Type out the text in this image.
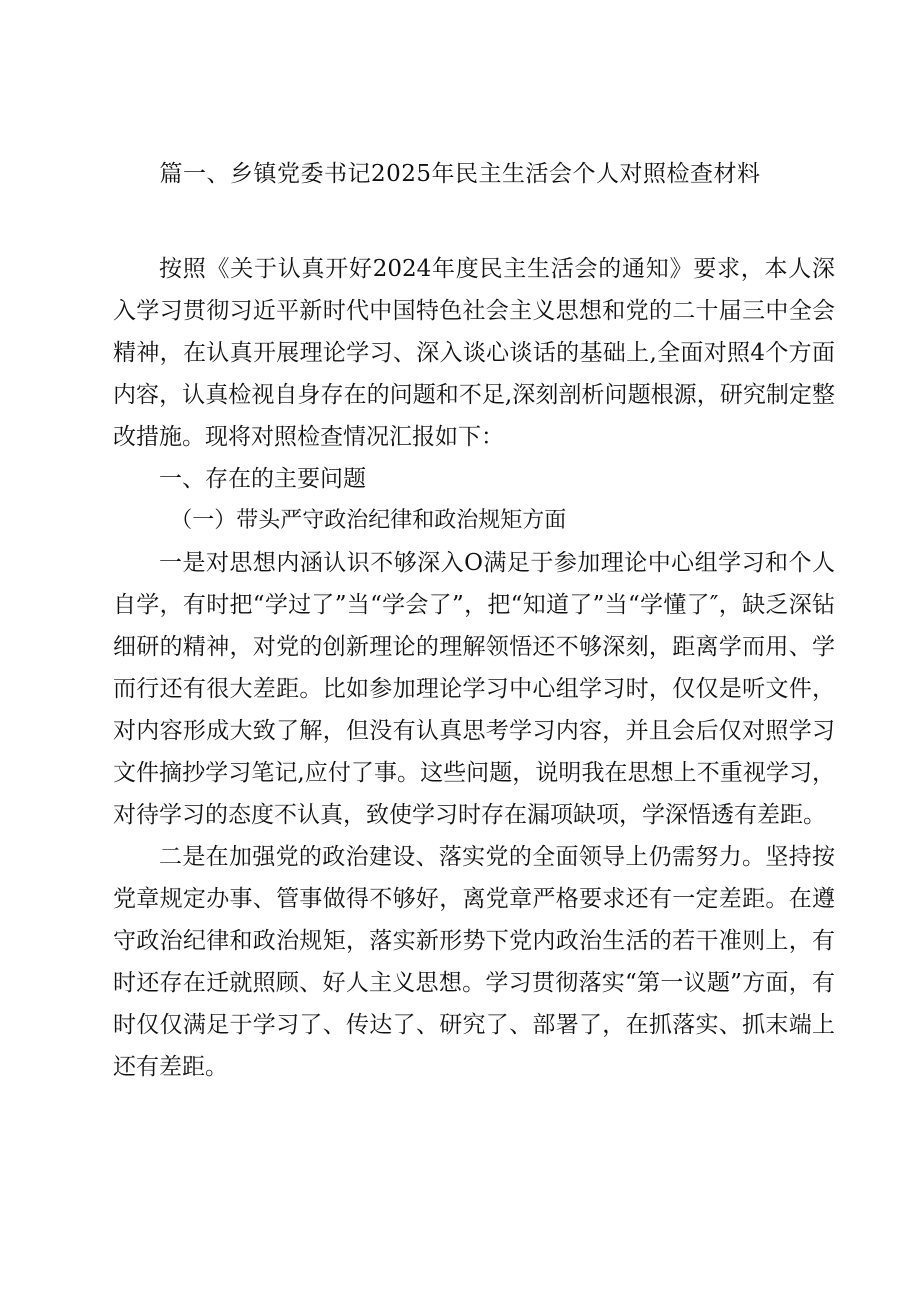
篇一、乡镇党委书记2025年民主生活会个人对照检查材料

按照《关于认真开好2024年度民主生活会的通知》要求，本人深入学习贯彻习近平新时代中国特色社会主义思想和党的二十届三中全会精神，在认真开展理论学习、深入谈心谈话的基础上,全面对照4个方面内容，认真检视自身存在的问题和不足,深刻剖析问题根源，研究制定整改措施。现将对照检查情况汇报如下：

一、存在的主要问题

（一）带头严守政治纪律和政治规矩方面

一是对思想内涵认识不够深入O满足于参加理论中心组学习和个人自学，有时把“学过了”当“学会了”，把“知道了”当“学懂了″，缺乏深钻细研的精神，对党的创新理论的理解领悟还不够深刻，距离学而用、学而行还有很大差距。比如参加理论学习中心组学习时，仅仅是听文件，对内容形成大致了解，但没有认真思考学习内容，并且会后仅对照学习文件摘抄学习笔记,应付了事。这些问题，说明我在思想上不重视学习，对待学习的态度不认真，致使学习时存在漏项缺项，学深悟透有差距。

二是在加强党的政治建设、落实党的全面领导上仍需努力。坚持按党章规定办事、管事做得不够好，离党章严格要求还有一定差距。在遵守政治纪律和政治规矩，落实新形势下党内政治生活的若干准则上，有时还存在迁就照顾、好人主义思想。学习贯彻落实“第一议题”方面，有时仅仅满足于学习了、传达了、研究了、部署了，在抓落实、抓末端上还有差距。
